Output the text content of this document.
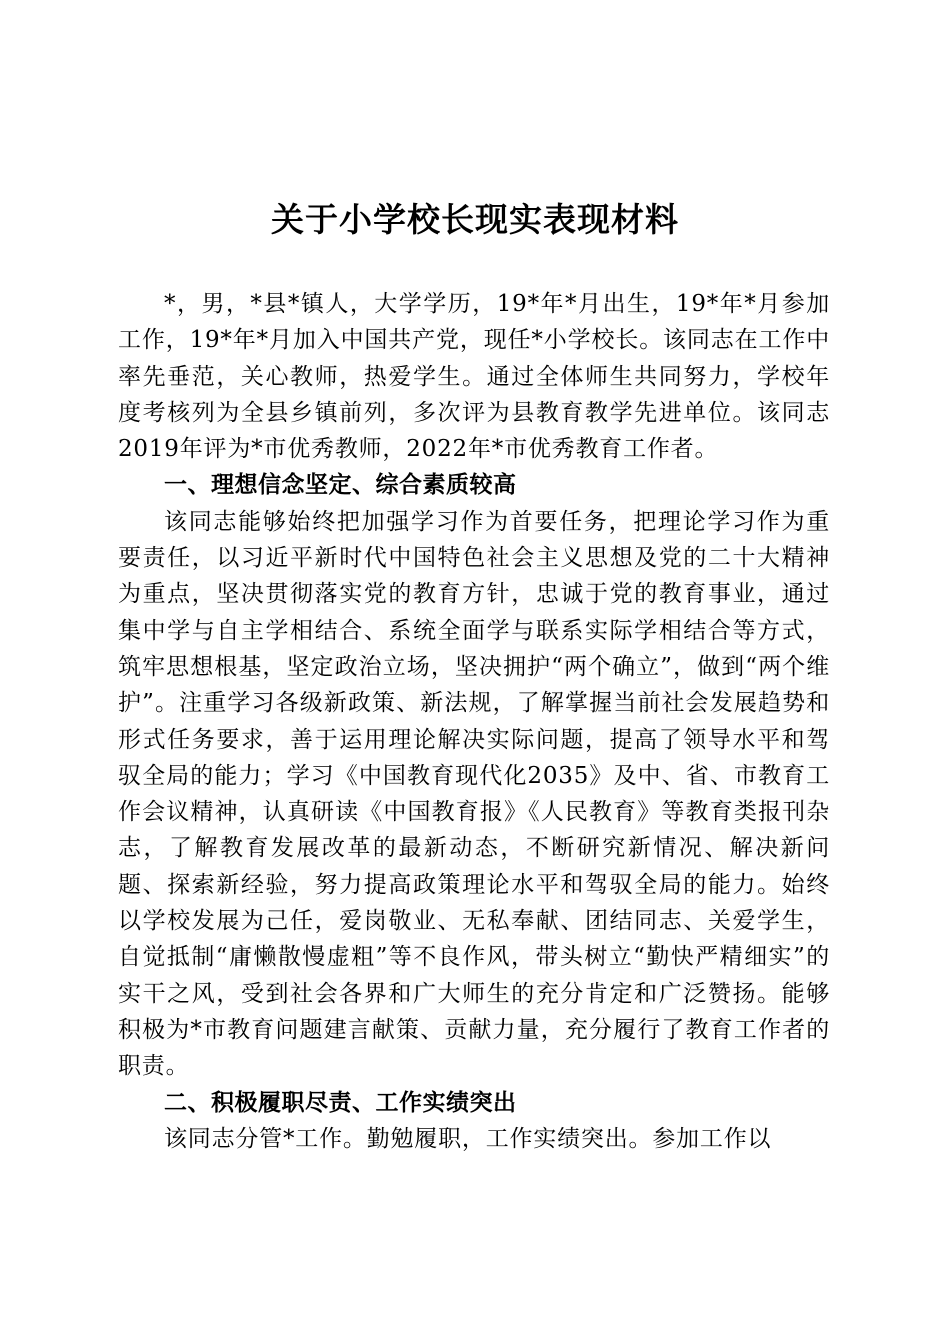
关于小学校长现实表现材料

*，男，*县*镇人，大学学历，19*年*月出生，19*年*月参加工作，19*年*月加入中国共产党，现任*小学校长。该同志在工作中率先垂范，关心教师，热爱学生。通过全体师生共同努力，学校年度考核列为全县乡镇前列，多次评为县教育教学先进单位。该同志2019年评为*市优秀教师，2022年*市优秀教育工作者。

一、理想信念坚定、综合素质较高

该同志能够始终把加强学习作为首要任务，把理论学习作为重要责任，以习近平新时代中国特色社会主义思想及党的二十大精神为重点，坚决贯彻落实党的教育方针，忠诚于党的教育事业，通过集中学与自主学相结合、系统全面学与联系实际学相结合等方式，筑牢思想根基，坚定政治立场，坚决拥护“两个确立”，做到“两个维护”。注重学习各级新政策、新法规，了解掌握当前社会发展趋势和形式任务要求，善于运用理论解决实际问题，提高了领导水平和驾驭全局的能力；学习《中国教育现代化2035》及中、省、市教育工作会议精神，认真研读《中国教育报》《人民教育》等教育类报刊杂志，了解教育发展改革的最新动态，不断研究新情况、解决新问题、探索新经验，努力提高政策理论水平和驾驭全局的能力。始终以学校发展为己任，爱岗敬业、无私奉献、团结同志、关爱学生，自觉抵制“庸懒散慢虚粗”等不良作风，带头树立“勤快严精细实”的实干之风，受到社会各界和广大师生的充分肯定和广泛赞扬。能够积极为*市教育问题建言献策、贡献力量，充分履行了教育工作者的职责。

二、积极履职尽责、工作实绩突出

该同志分管*工作。勤勉履职，工作实绩突出。参加工作以
